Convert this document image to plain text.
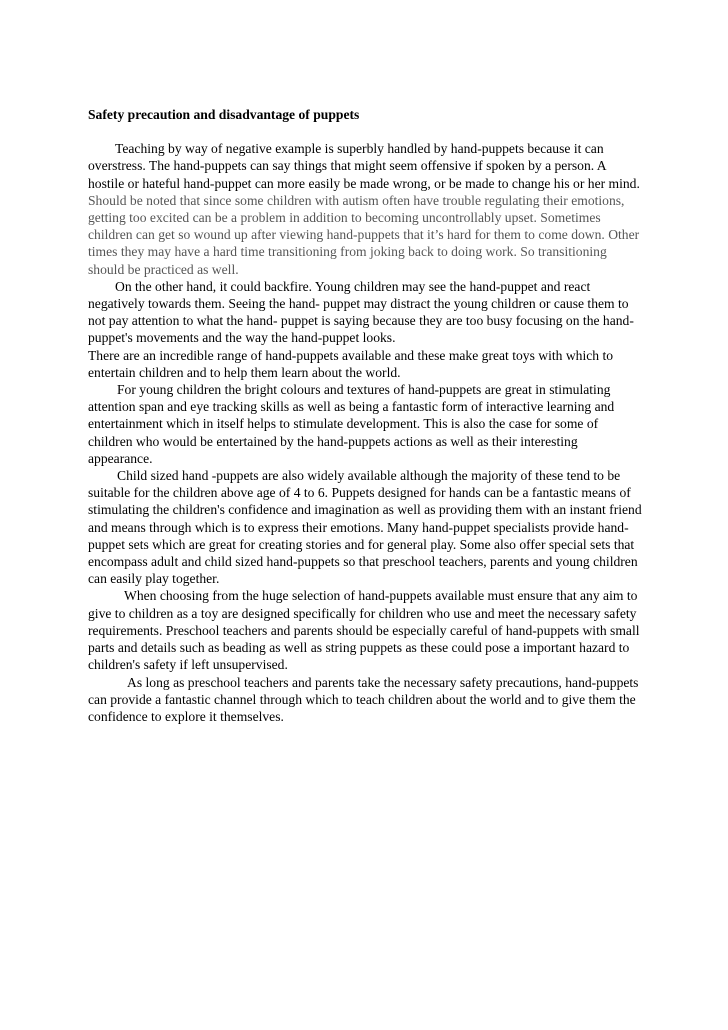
Safety precaution and disadvantage of puppets

Teaching by way of negative example is superbly handled by hand-puppets because it can overstress. The hand-puppets can say things that might seem offensive if spoken by a person. A hostile or hateful hand-puppet can more easily be made wrong, or be made to change his or her mind. Should be noted that since some children with autism often have trouble regulating their emotions, getting too excited can be a problem in addition to becoming uncontrollably upset. Sometimes children can get so wound up after viewing hand-puppets that it’s hard for them to come down. Other times they may have a hard time transitioning from joking back to doing work. So transitioning should be practiced as well.

On the other hand, it could backfire. Young children may see the hand-puppet and react negatively towards them. Seeing the hand- puppet may distract the young children or cause them to not pay attention to what the hand- puppet is saying because they are too busy focusing on the hand-puppet's movements and the way the hand-puppet looks.

There are an incredible range of hand-puppets available and these make great toys with which to entertain children and to help them learn about the world.

For young children the bright colours and textures of hand-puppets are great in stimulating attention span and eye tracking skills as well as being a fantastic form of interactive learning and entertainment which in itself helps to stimulate development. This is also the case for some of children who would be entertained by the hand-puppets actions as well as their interesting appearance.

Child sized hand -puppets are also widely available although the majority of these tend to be suitable for the children above age of 4 to 6. Puppets designed for hands can be a fantastic means of stimulating the children's confidence and imagination as well as providing them with an instant friend and means through which is to express their emotions. Many hand-puppet specialists provide hand-puppet sets which are great for creating stories and for general play. Some also offer special sets that encompass adult and child sized hand-puppets so that preschool teachers, parents and young children can easily play together.

When choosing from the huge selection of hand-puppets available must ensure that any aim to give to children as a toy are designed specifically for children who use and meet the necessary safety requirements. Preschool teachers and parents should be especially careful of hand-puppets with small parts and details such as beading as well as string puppets as these could pose a important hazard to children's safety if left unsupervised.

As long as preschool teachers and parents take the necessary safety precautions, hand-puppets can provide a fantastic channel through which to teach children about the world and to give them the confidence to explore it themselves.
